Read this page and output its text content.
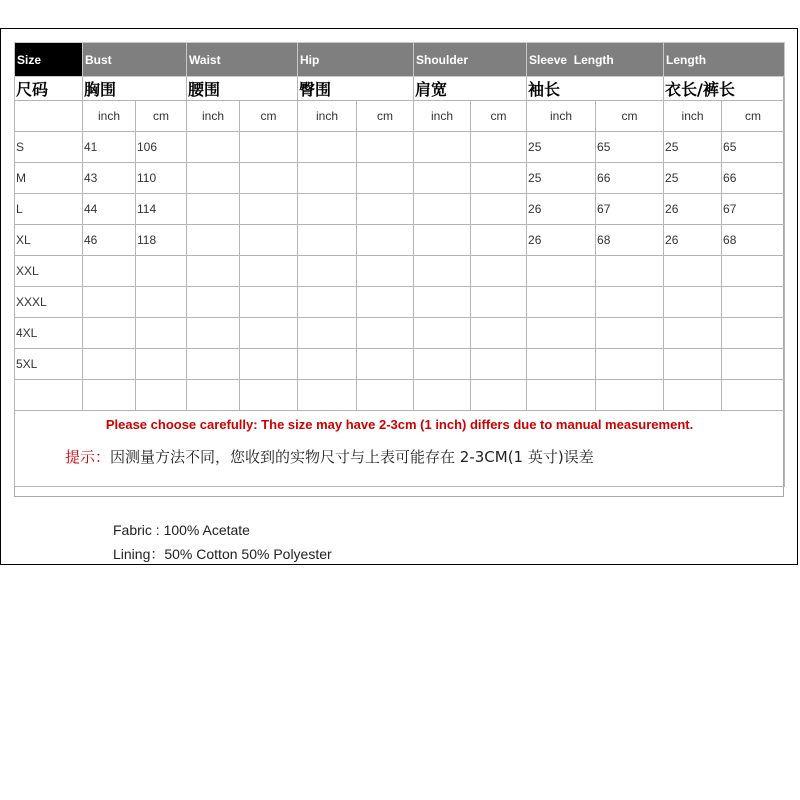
Size	Bust		Waist		Hip		Shoulder		Sleeve  Length		Length	
尺码	胸围		腰围		臀围		肩宽		袖长		衣长/裤长	
	inch	cm	inch	cm	inch	cm	inch	cm	inch	cm	inch	cm
S	41	106							25	65	25	65
M	43	110							25	66	25	66
L	44	114							26	67	26	67
XL	46	118							26	68	26	68
XXL												
XXXL												
4XL												
5XL												

Please choose carefully: The size may have 2-3cm (1 inch) differs due to manual measurement.
提示：因测量方法不同，您收到的实物尺寸与上表可能存在 2-3CM(1 英寸)误差												
Fabric : 100% Acetate
Lining：50% Cotton 50% Polyester
